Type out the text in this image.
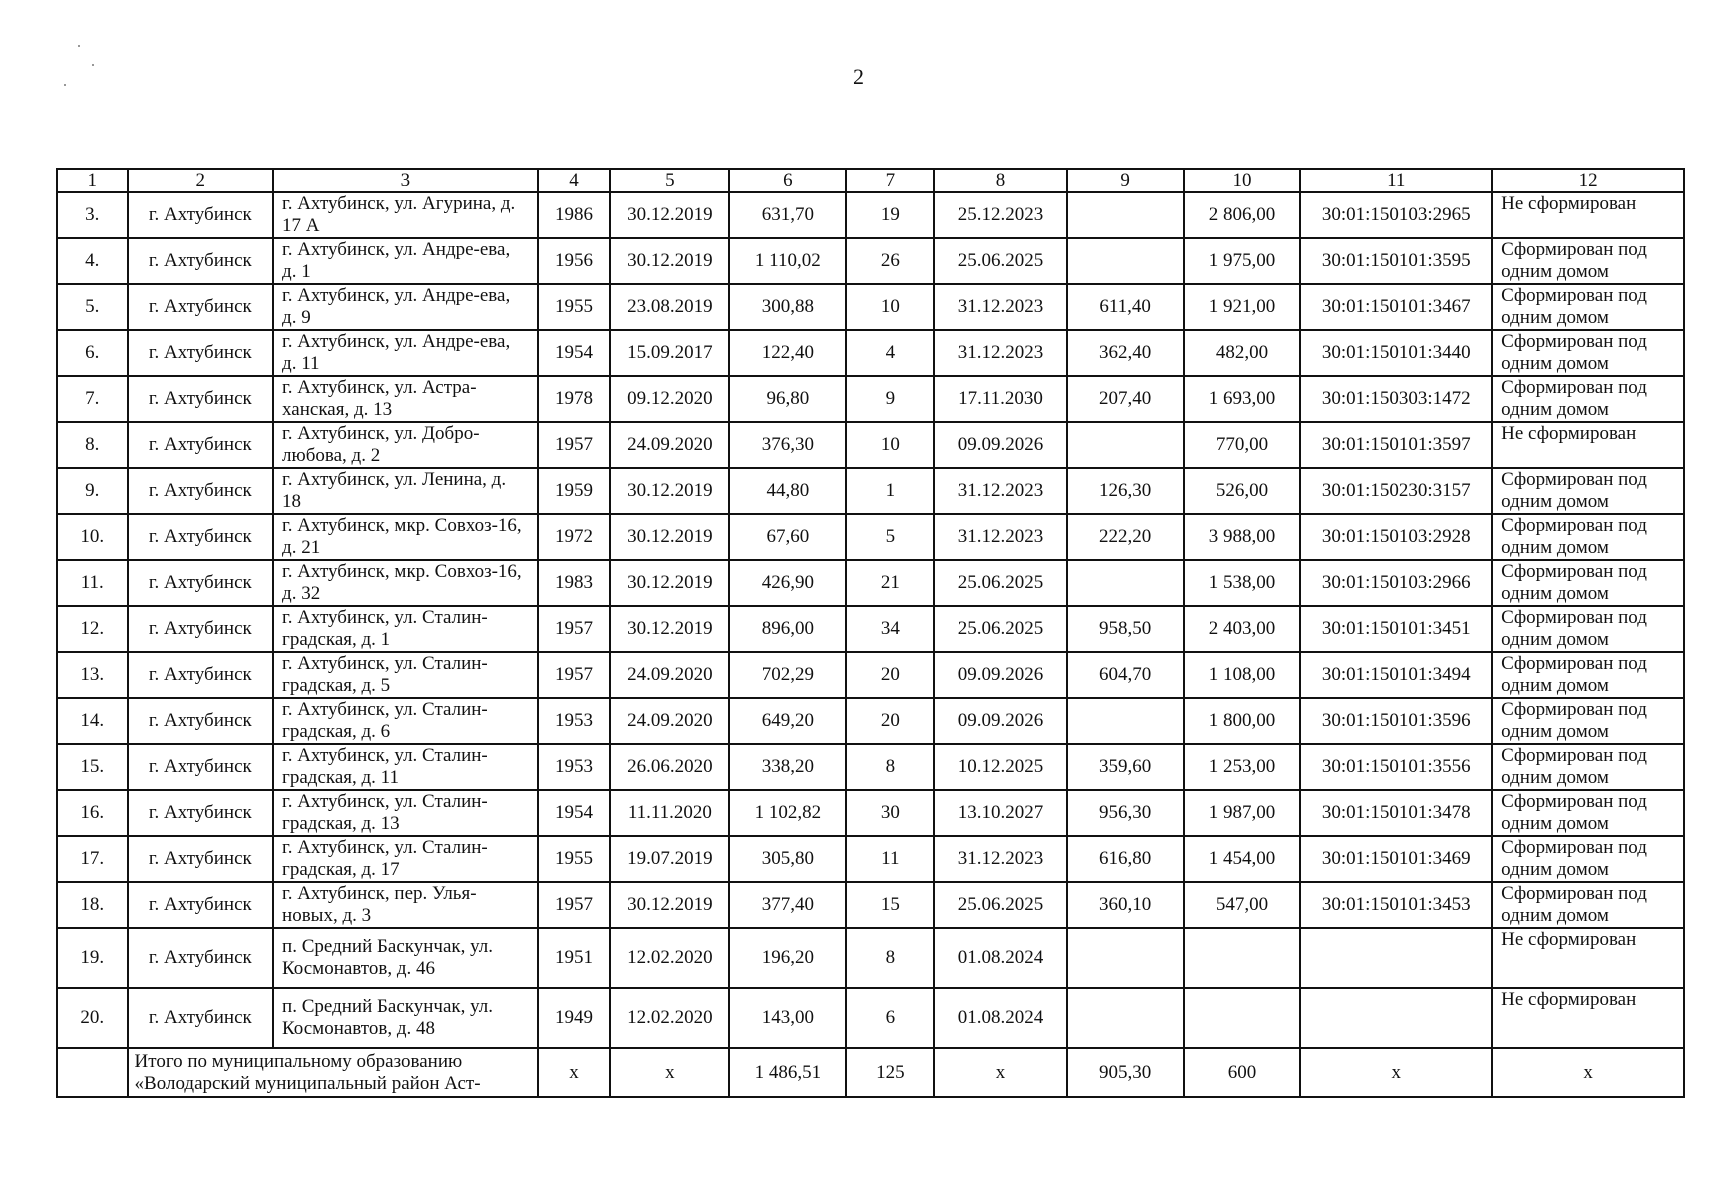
2
1	2	3	4	5	6	7	8	9	10	11	12
3.	г. Ахтубинск	г. Ахтубинск, ул. Агурина, д. 17 А	1986	30.12.2019	631,70	19	25.12.2023		2 806,00	30:01:150103:2965	Не сформирован
4.	г. Ахтубинск	г. Ахтубинск, ул. Андре-ева, д. 1	1956	30.12.2019	1 110,02	26	25.06.2025		1 975,00	30:01:150101:3595	Сформирован под одним домом
5.	г. Ахтубинск	г. Ахтубинск, ул. Андре-ева, д. 9	1955	23.08.2019	300,88	10	31.12.2023	611,40	1 921,00	30:01:150101:3467	Сформирован под одним домом
6.	г. Ахтубинск	г. Ахтубинск, ул. Андре-ева, д. 11	1954	15.09.2017	122,40	4	31.12.2023	362,40	482,00	30:01:150101:3440	Сформирован под одним домом
7.	г. Ахтубинск	г. Ахтубинск, ул. Астра-ханская, д. 13	1978	09.12.2020	96,80	9	17.11.2030	207,40	1 693,00	30:01:150303:1472	Сформирован под одним домом
8.	г. Ахтубинск	г. Ахтубинск, ул. Добро-любова, д. 2	1957	24.09.2020	376,30	10	09.09.2026		770,00	30:01:150101:3597	Не сформирован
9.	г. Ахтубинск	г. Ахтубинск, ул. Ленина, д. 18	1959	30.12.2019	44,80	1	31.12.2023	126,30	526,00	30:01:150230:3157	Сформирован под одним домом
10.	г. Ахтубинск	г. Ахтубинск, мкр. Совхоз-16, д. 21	1972	30.12.2019	67,60	5	31.12.2023	222,20	3 988,00	30:01:150103:2928	Сформирован под одним домом
11.	г. Ахтубинск	г. Ахтубинск, мкр. Совхоз-16, д. 32	1983	30.12.2019	426,90	21	25.06.2025		1 538,00	30:01:150103:2966	Сформирован под одним домом
12.	г. Ахтубинск	г. Ахтубинск, ул. Сталин-градская, д. 1	1957	30.12.2019	896,00	34	25.06.2025	958,50	2 403,00	30:01:150101:3451	Сформирован под одним домом
13.	г. Ахтубинск	г. Ахтубинск, ул. Сталин-градская, д. 5	1957	24.09.2020	702,29	20	09.09.2026	604,70	1 108,00	30:01:150101:3494	Сформирован под одним домом
14.	г. Ахтубинск	г. Ахтубинск, ул. Сталин-градская, д. 6	1953	24.09.2020	649,20	20	09.09.2026		1 800,00	30:01:150101:3596	Сформирован под одним домом
15.	г. Ахтубинск	г. Ахтубинск, ул. Сталин-градская, д. 11	1953	26.06.2020	338,20	8	10.12.2025	359,60	1 253,00	30:01:150101:3556	Сформирован под одним домом
16.	г. Ахтубинск	г. Ахтубинск, ул. Сталин-градская, д. 13	1954	11.11.2020	1 102,82	30	13.10.2027	956,30	1 987,00	30:01:150101:3478	Сформирован под одним домом
17.	г. Ахтубинск	г. Ахтубинск, ул. Сталин-градская, д. 17	1955	19.07.2019	305,80	11	31.12.2023	616,80	1 454,00	30:01:150101:3469	Сформирован под одним домом
18.	г. Ахтубинск	г. Ахтубинск, пер. Улья-новых, д. 3	1957	30.12.2019	377,40	15	25.06.2025	360,10	547,00	30:01:150101:3453	Сформирован под одним домом
19.	г. Ахтубинск	п. Средний Баскунчак, ул. Космонавтов, д. 46	1951	12.02.2020	196,20	8	01.08.2024				Не сформирован
20.	г. Ахтубинск	п. Средний Баскунчак, ул. Космонавтов, д. 48	1949	12.02.2020	143,00	6	01.08.2024				Не сформирован
	Итого по муниципальному образованию «Володарский муниципальный район Аст-		x	x	1 486,51	125	x	905,30	600	x	x
